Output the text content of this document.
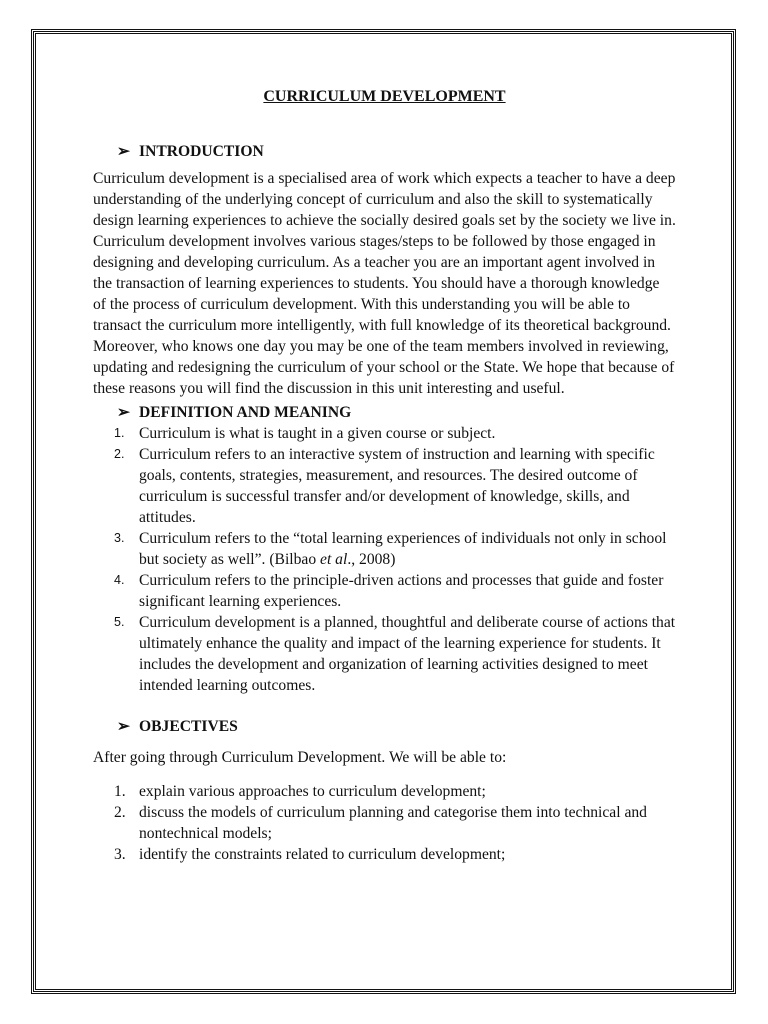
CURRICULUM DEVELOPMENT
➢ INTRODUCTION

Curriculum development is a specialised area of work which expects a teacher to have a deep understanding of the underlying concept of curriculum and also the skill to systematically design learning experiences to achieve the socially desired goals set by the society we live in. Curriculum development involves various stages/steps to be followed by those engaged in designing and developing curriculum. As a teacher you are an important agent involved in the transaction of learning experiences to students. You should have a thorough knowledge of the process of curriculum development. With this understanding you will be able to transact the curriculum more intelligently, with full knowledge of its theoretical background. Moreover, who knows one day you may be one of the team members involved in reviewing, updating and redesigning the curriculum of your school or the State. We hope that because of these reasons you will find the discussion in this unit interesting and useful.

➢ DEFINITION AND MEANING
1. Curriculum is what is taught in a given course or subject.
2. Curriculum refers to an interactive system of instruction and learning with specific goals, contents, strategies, measurement, and resources. The desired outcome of curriculum is successful transfer and/or development of knowledge, skills, and attitudes.
3. Curriculum refers to the “total learning experiences of individuals not only in school but society as well”. (Bilbao et al., 2008)
4. Curriculum refers to the principle-driven actions and processes that guide and foster significant learning experiences.
5. Curriculum development is a planned, thoughtful and deliberate course of actions that ultimately enhance the quality and impact of the learning experience for students. It includes the development and organization of learning activities designed to meet intended learning outcomes.
➢ OBJECTIVES

After going through Curriculum Development. We will be able to:

1. explain various approaches to curriculum development;
2. discuss the models of curriculum planning and categorise them into technical and nontechnical models;
3. identify the constraints related to curriculum development;
